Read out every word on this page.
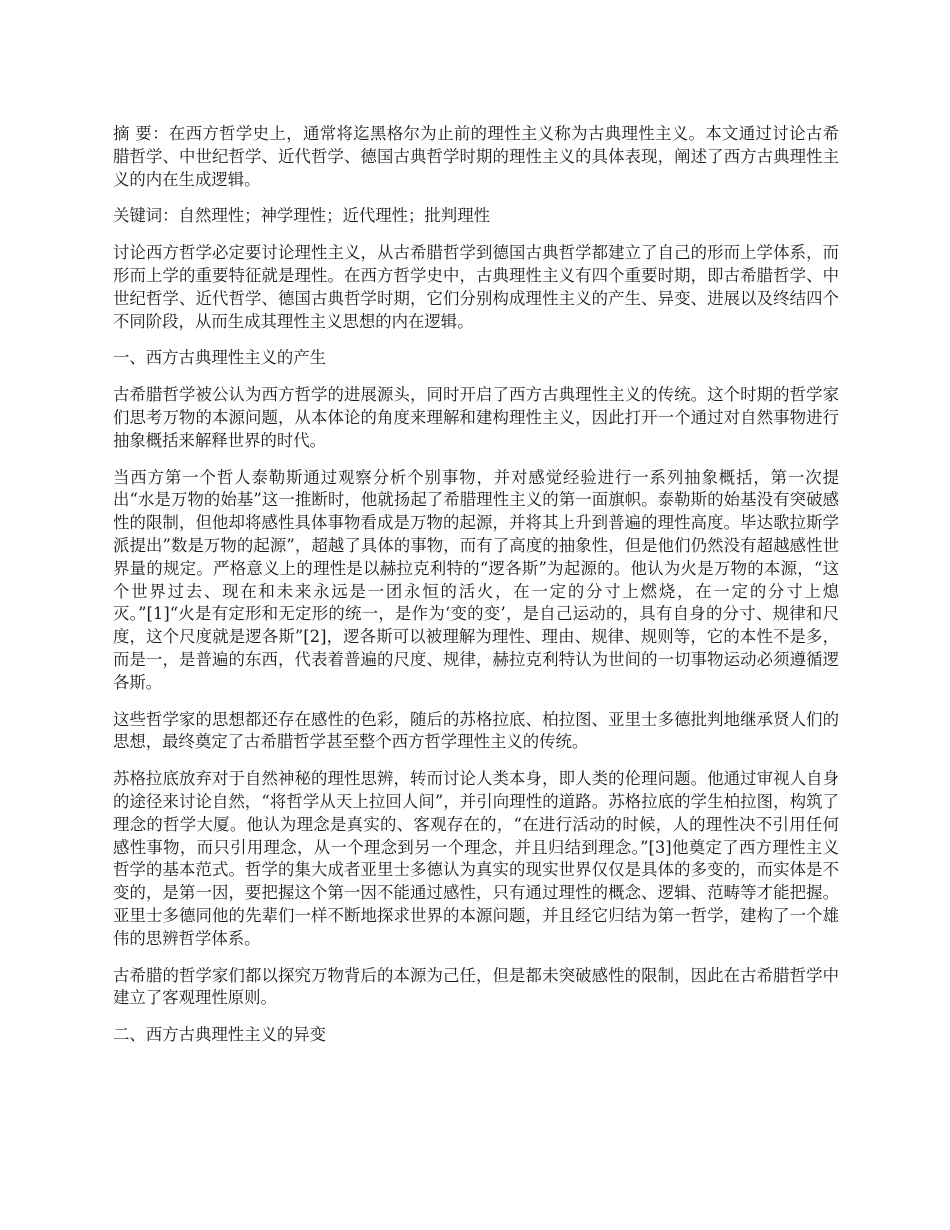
摘 要：在西方哲学史上，通常将迄黑格尔为止前的理性主义称为古典理性主义。本文通过讨论古希腊哲学、中世纪哲学、近代哲学、德国古典哲学时期的理性主义的具体表现，阐述了西方古典理性主义的内在生成逻辑。

关键词：自然理性；神学理性；近代理性；批判理性

讨论西方哲学必定要讨论理性主义，从古希腊哲学到德国古典哲学都建立了自己的形而上学体系，而形而上学的重要特征就是理性。在西方哲学史中，古典理性主义有四个重要时期，即古希腊哲学、中世纪哲学、近代哲学、德国古典哲学时期，它们分别构成理性主义的产生、异变、进展以及终结四个不同阶段，从而生成其理性主义思想的内在逻辑。

一、西方古典理性主义的产生

古希腊哲学被公认为西方哲学的进展源头，同时开启了西方古典理性主义的传统。这个时期的哲学家们思考万物的本源问题，从本体论的角度来理解和建构理性主义，因此打开一个通过对自然事物进行抽象概括来解释世界的时代。

当西方第一个哲人泰勒斯通过观察分析个别事物，并对感觉经验进行一系列抽象概括，第一次提出“水是万物的始基”这一推断时，他就扬起了希腊理性主义的第一面旗帜。泰勒斯的始基没有突破感性的限制，但他却将感性具体事物看成是万物的起源，并将其上升到普遍的理性高度。毕达歌拉斯学派提出”数是万物的起源”，超越了具体的事物，而有了高度的抽象性，但是他们仍然没有超越感性世界量的规定。严格意义上的理性是以赫拉克利特的“逻各斯”为起源的。他认为火是万物的本源，“这个世界过去、现在和未来永远是一团永恒的活火，在一定的分寸上燃烧，在一定的分寸上熄灭。”[1]“火是有定形和无定形的统一，是作为‘变的变’，是自己运动的，具有自身的分寸、规律和尺度，这个尺度就是逻各斯”[2]，逻各斯可以被理解为理性、理由、规律、规则等，它的本性不是多，而是一，是普遍的东西，代表着普遍的尺度、规律，赫拉克利特认为世间的一切事物运动必须遵循逻各斯。

这些哲学家的思想都还存在感性的色彩，随后的苏格拉底、柏拉图、亚里士多德批判地继承贤人们的思想，最终奠定了古希腊哲学甚至整个西方哲学理性主义的传统。

苏格拉底放弃对于自然神秘的理性思辨，转而讨论人类本身，即人类的伦理问题。他通过审视人自身的途径来讨论自然，“将哲学从天上拉回人间”，并引向理性的道路。苏格拉底的学生柏拉图，构筑了理念的哲学大厦。他认为理念是真实的、客观存在的，“在进行活动的时候，人的理性决不引用任何感性事物，而只引用理念，从一个理念到另一个理念，并且归结到理念。”[3]他奠定了西方理性主义哲学的基本范式。哲学的集大成者亚里士多德认为真实的现实世界仅仅是具体的多变的，而实体是不变的，是第一因，要把握这个第一因不能通过感性，只有通过理性的概念、逻辑、范畴等才能把握。亚里士多德同他的先辈们一样不断地探求世界的本源问题，并且经它归结为第一哲学，建构了一个雄伟的思辨哲学体系。

古希腊的哲学家们都以探究万物背后的本源为己任，但是都未突破感性的限制，因此在古希腊哲学中建立了客观理性原则。

二、西方古典理性主义的异变
